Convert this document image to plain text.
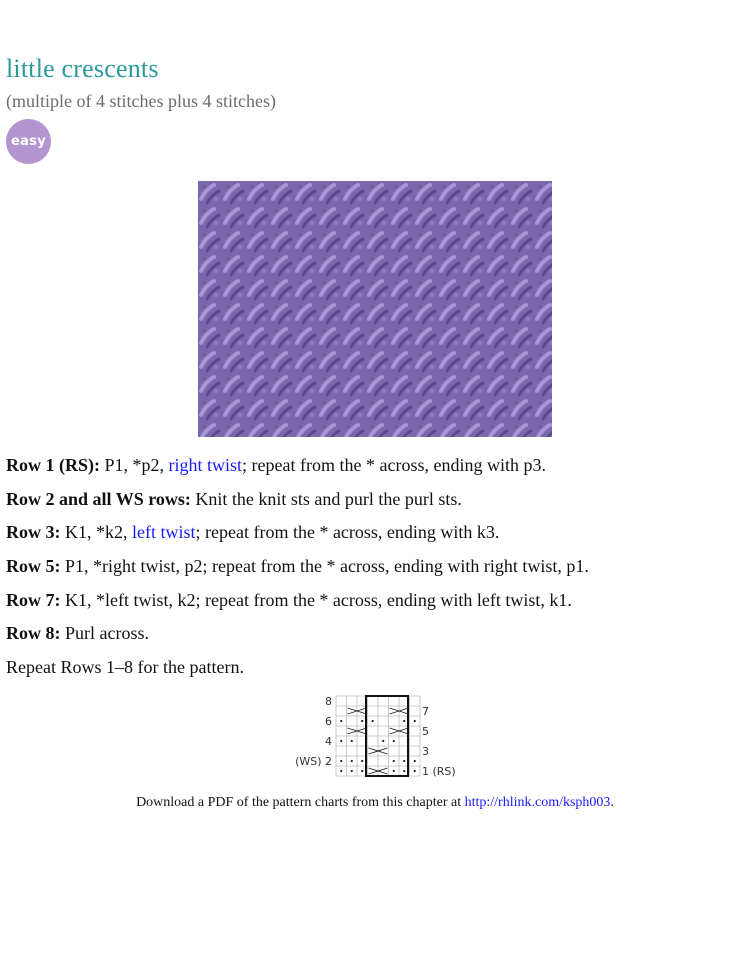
little crescents
(multiple of 4 stitches plus 4 stitches)
easy

Row 1 (RS): P1, *p2, right twist; repeat from the * across, ending with p3.

Row 2 and all WS rows: Knit the knit sts and purl the purl sts.

Row 3: K1, *k2, left twist; repeat from the * across, ending with k3.

Row 5: P1, *right twist, p2; repeat from the * across, ending with right twist, p1.

Row 7: K1, *left twist, k2; repeat from the * across, ending with left twist, k1.

Row 8: Purl across.

Repeat Rows 1–8 for the pattern.

8
6
4
(WS) 2
7
5
3
1 (RS)
Download a PDF of the pattern charts from this chapter at http://rhlink.com/ksph003.
